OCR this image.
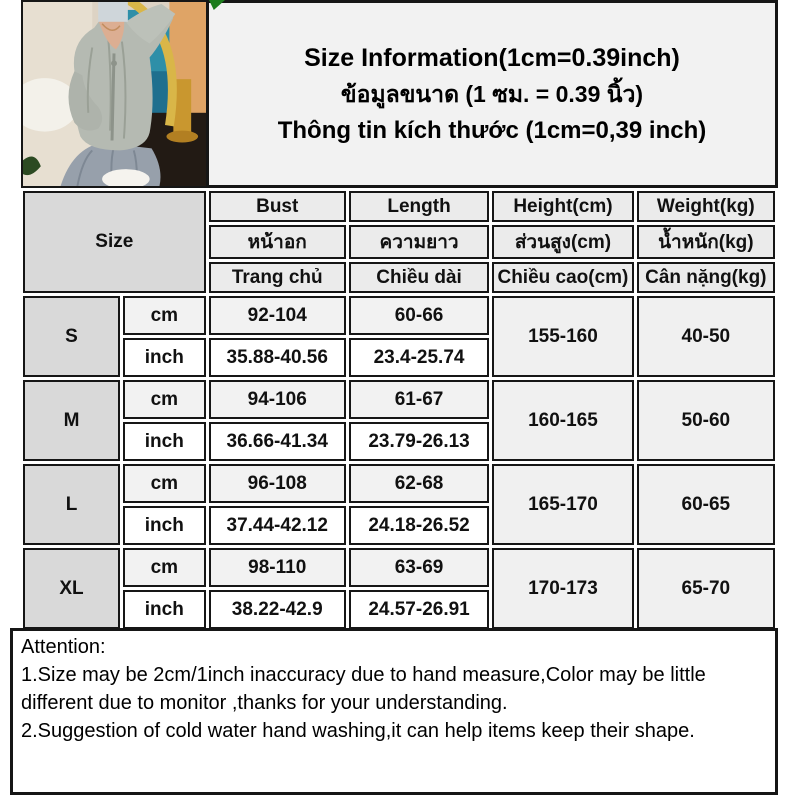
Size Information(1cm=0.39inch)
ข้อมูลขนาด (1 ซม. = 0.39 นิ้ว)
Thông tin kích thước (1cm=0,39 inch)
Size		Bust	Length	Height(cm)	Weight(kg)
		หน้าอก	ความยาว	ส่วนสูง(cm)	น้ำหนัก(kg)
		Trang chủ	Chiều dài	Chiều cao(cm)	Cân nặng(kg)
S	cm	92-104	60-66	155-160	40-50
	inch	35.88-40.56	23.4-25.74		
M	cm	94-106	61-67	160-165	50-60
	inch	36.66-41.34	23.79-26.13		
L	cm	96-108	62-68	165-170	60-65
	inch	37.44-42.12	24.18-26.52		
XL	cm	98-110	63-69	170-173	65-70
	inch	38.22-42.9	24.57-26.91		
Attention:
1.Size may be 2cm/1inch inaccuracy due to hand measure,Color may be little different due to monitor ,thanks for your understanding.
2.Suggestion of cold water hand washing,it can help items keep their shape.
